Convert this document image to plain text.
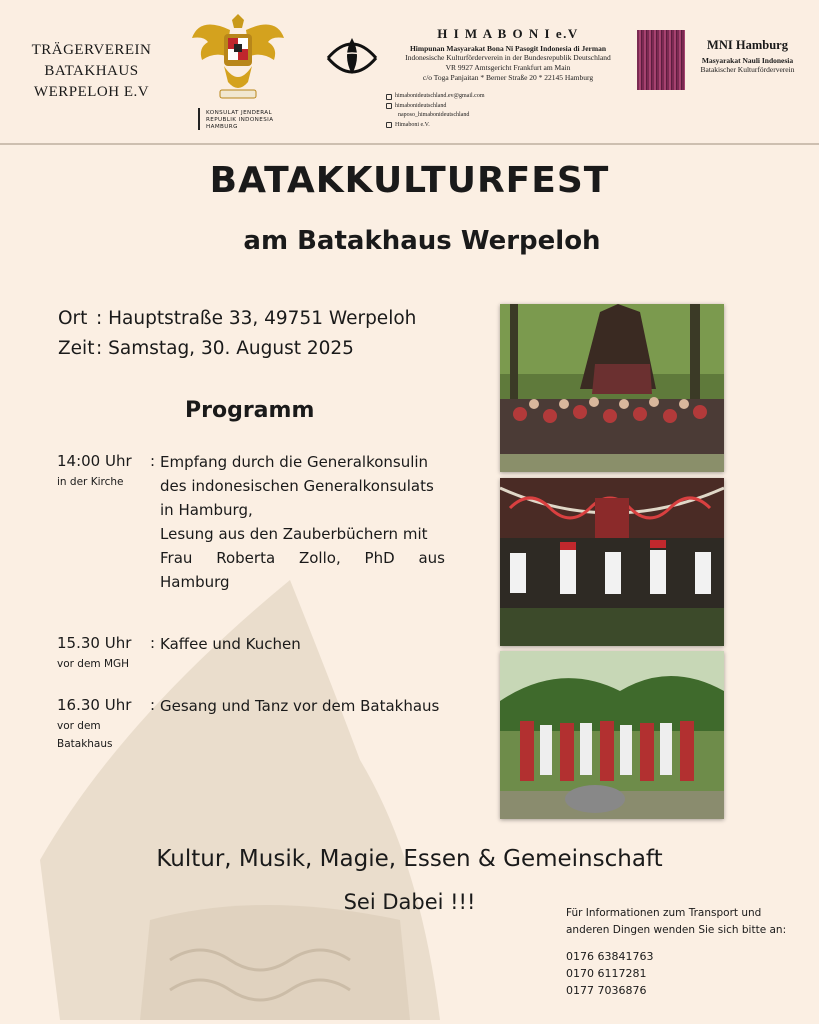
TRÄGERVEREIN
BATAKHAUS
WERPELOH E.V
KONSULAT JENDERAL
REPUBLIK INDONESIA
HAMBURG
H I M A B O N I e.V
Himpunan Masyarakat Bona Ni Pasogit Indonesia di Jerman
Indonesische Kulturförderverein in der Bundesrepublik Deutschland
VR 9927 Amtsgericht Frankfurt am Main
c/o Toga Panjaitan * Berner Straße 20 * 22145 Hamburg
himabonideutschland.ev@gmail.com
himabonideutschland
naposo_himabonideutschland
Himaboni e.V.
MNI Hamburg
Masyarakat Nauli Indonesia
Batakischer Kulturförderverein
BATAKKULTURFEST
am Batakhaus Werpeloh
Ort : Hauptstraße 33, 49751 Werpeloh
Zeit: Samstag, 30. August 2025
Programm
14:00 Uhr
in der Kirche
: Empfang durch die Generalkonsulin
des indonesischen Generalkonsulats
in Hamburg,
Lesung aus den Zauberbüchern mit
Frau Roberta Zollo, PhD aus
Hamburg
15.30 Uhr
vor dem MGH
: Kaffee und Kuchen
16.30 Uhr
vor dem
Batakhaus
: Gesang und Tanz vor dem Batakhaus
Kultur, Musik, Magie, Essen & Gemeinschaft
Sei Dabei !!!	Für Informationen zum Transport und anderen Dingen wenden Sie sich bitte an:
0176 63841763
0170 6117281
0177 7036876
